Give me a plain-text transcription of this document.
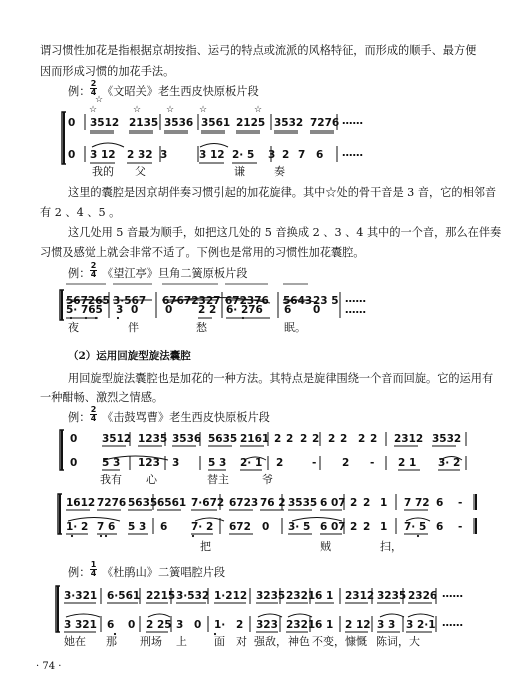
谓习惯性加花是指根据京胡按指、运弓的特点或流派的风格特征，而形成的顺手、最方便
因而形成习惯的加花手法。
例： $\frac{2}{4}$ 《文昭关》老生西皮快原板片段
☆
☆	☆	☆	☆	☆
0 3512 2135 3536 3561 2125 3532 7276 ……
0 3 12 2 32 3	3 12 2· 5 3 2 7 6 ……
我的 父	谦	奏
这里的囊腔是因京胡伴奏习惯引起的加花旋律。其中☆处的骨干音是 3 音，它的相邻音
有 2 、4 、5 。
这几处用 5 音最为顺手，如把这几处的 5 音换成 2 、3 、4 其中的一个音，那么在伴奏
习惯及感觉上就会非常不适了。下例也是常用的习惯性加花囊腔。
例： $\frac{2}{4}$ 《望江亭》旦角二簧原板片段
567265 3·567 67672327 672376 5643 23 5 ……
5· 765 3 0	0 2 2 6· 276 6 0 ……
夜	伴	愁	眠。
（2）运用回旋型旋法囊腔
用回旋型旋法囊腔也是加花的一种方法。其特点是旋律围绕一个音而回旋。它的运用有
一种酣畅、激烈之情感。
例： $\frac{2}{4}$ 《击鼓骂曹》老生西皮快原板片段
0 3512 1235 3536 5635 2161 2 2 2 2 2 2 2 2 2312 3532
0 5 3 123 3	5 3 2· 1 2	- 2 - 2 1 3· 2
我有 心	替主	爷
1612 7276 5635 6561 7·672 6723 76 2 3535 6 07 2 2 1 7 72 6 -
1· 2 7 6 5 3 6 7· 2 672 0 3· 5 6 07 2 2 1 7· 5 6 -
把	贼	扫，
例： $\frac{1}{4}$ 《杜鹃山》二簧唱腔片段
3·321 6·561 2215 3·532 1·212 3235 2321 6 1 2312 3235 2326 ……
3 321 6 0 2 25 3 0 1· 2 323 2321 6 1 2 12 3 3 3 2·1 ……
她在 那 刑场 上 面 对 强敌， 神色 不变， 慷慨 陈词， 大
· 74 ·
